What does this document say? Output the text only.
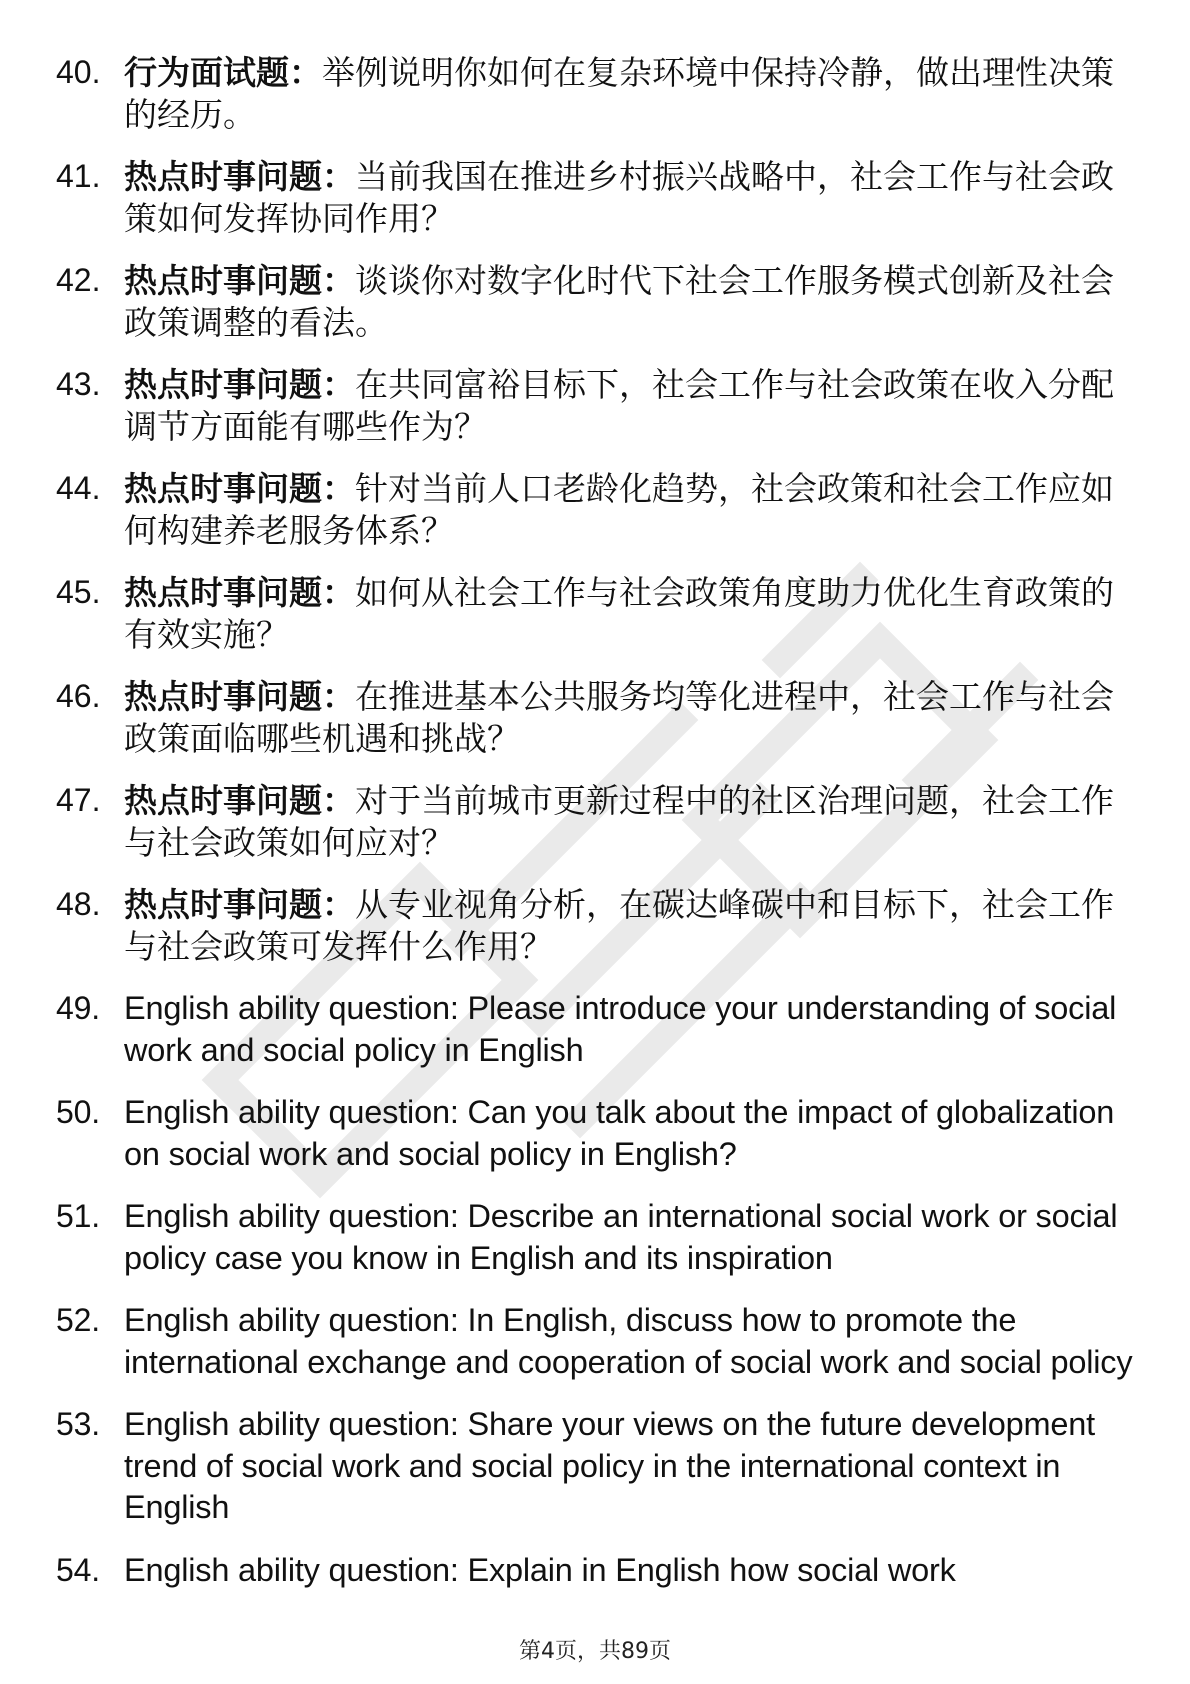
40. 行为面试题：举例说明你如何在复杂环境中保持冷静，做出理性决策的经历。
41. 热点时事问题：当前我国在推进乡村振兴战略中，社会工作与社会政策如何发挥协同作用？
42. 热点时事问题：谈谈你对数字化时代下社会工作服务模式创新及社会政策调整的看法。
43. 热点时事问题：在共同富裕目标下，社会工作与社会政策在收入分配调节方面能有哪些作为？
44. 热点时事问题：针对当前人口老龄化趋势，社会政策和社会工作应如何构建养老服务体系？
45. 热点时事问题：如何从社会工作与社会政策角度助力优化生育政策的有效实施？
46. 热点时事问题：在推进基本公共服务均等化进程中，社会工作与社会政策面临哪些机遇和挑战？
47. 热点时事问题：对于当前城市更新过程中的社区治理问题，社会工作与社会政策如何应对？
48. 热点时事问题：从专业视角分析，在碳达峰碳中和目标下，社会工作与社会政策可发挥什么作用？
49. English ability question: Please introduce your understanding of social work and social policy in English
50. English ability question: Can you talk about the impact of globalization on social work and social policy in English?
51. English ability question: Describe an international social work or social policy case you know in English and its inspiration
52. English ability question: In English, discuss how to promote the international exchange and cooperation of social work and social policy
53. English ability question: Share your views on the future development trend of social work and social policy in the international context in English
54. English ability question: Explain in English how social work
第4页，共89页
